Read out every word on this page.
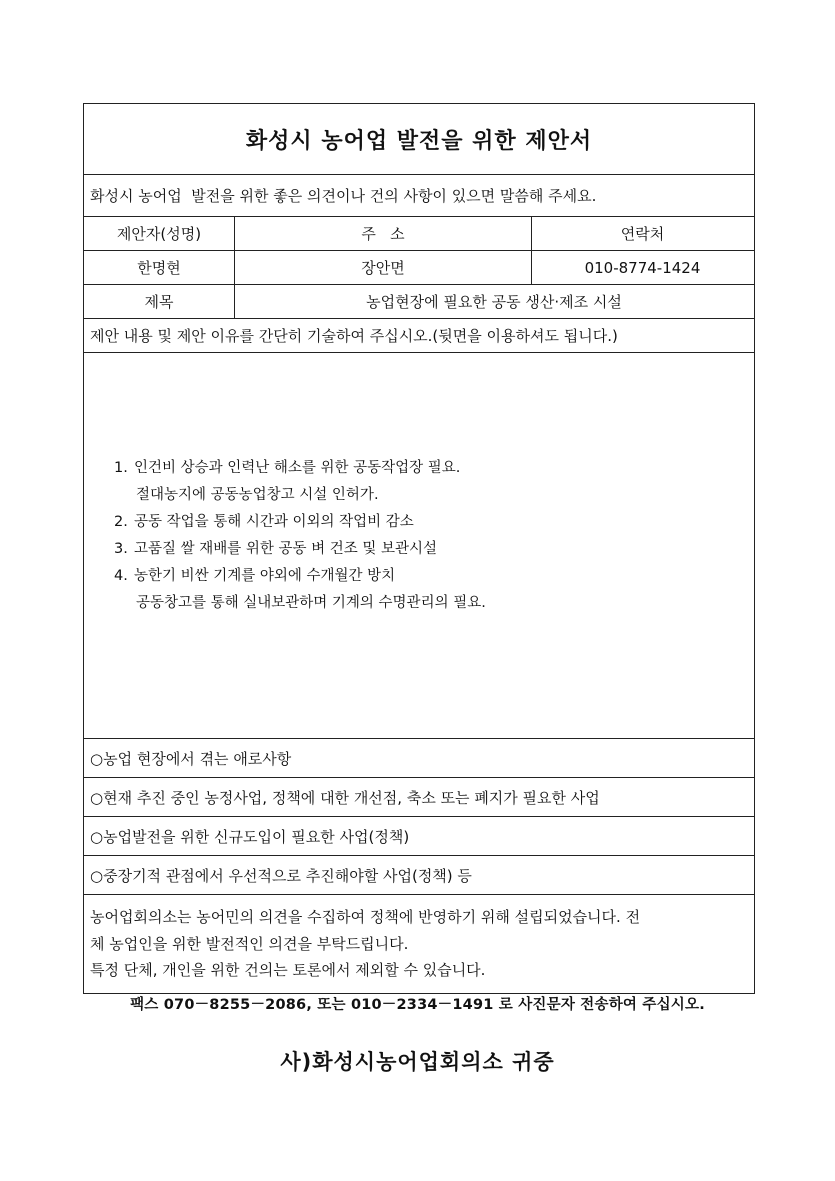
화성시 농어업 발전을 위한 제안서
화성시 농어업  발전을 위한 좋은 의견이나 건의 사항이 있으면 말씀해 주세요.
제안자(성명)	주   소	연락처
한명현	장안면	010-8774-1424
제목	농업현장에 필요한 공동 생산·제조 시설
제안 내용 및 제안 이유를 간단히 기술하여 주십시오.(뒷면을 이용하셔도 됩니다.)
1. 인건비 상승과 인력난 해소를 위한 공동작업장 필요.
절대농지에 공동농업창고 시설 인허가.
2. 공동 작업을 통해 시간과 이외의 작업비 감소
3. 고품질 쌀 재배를 위한 공동 벼 건조 및 보관시설
4. 농한기 비싼 기계를 야외에 수개월간 방치
공동창고를 통해 실내보관하며 기계의 수명관리의 필요.
○농업 현장에서 겪는 애로사항
○현재 추진 중인 농정사업, 정책에 대한 개선점, 축소 또는 폐지가 필요한 사업
○농업발전을 위한 신규도입이 필요한 사업(정책)
○중장기적 관점에서 우선적으로 추진해야할 사업(정책) 등

농어업회의소는 농어민의 의견을 수집하여 정책에 반영하기 위해 설립되었습니다. 전

체 농업인을 위한 발전적인 의견을 부탁드립니다.

특정 단체, 개인을 위한 건의는 토론에서 제외할 수 있습니다.

팩스 070－8255－2086, 또는 010－2334－1491 로 사진문자 전송하여 주십시오.
사)화성시농어업회의소 귀중
